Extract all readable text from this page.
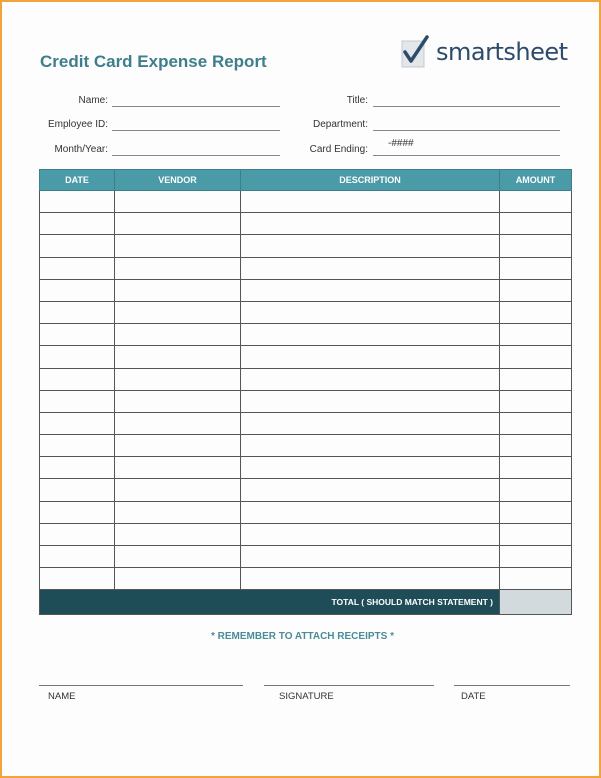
Credit Card Expense Report	smartsheet
Name:
Employee ID:
Month/Year:
Title:
Department:
Card Ending:
-####
DATE	VENDOR	DESCRIPTION	AMOUNT

TOTAL ( SHOULD MATCH STATEMENT )			
* REMEMBER TO ATTACH RECEIPTS *
NAME	SIGNATURE	DATE
